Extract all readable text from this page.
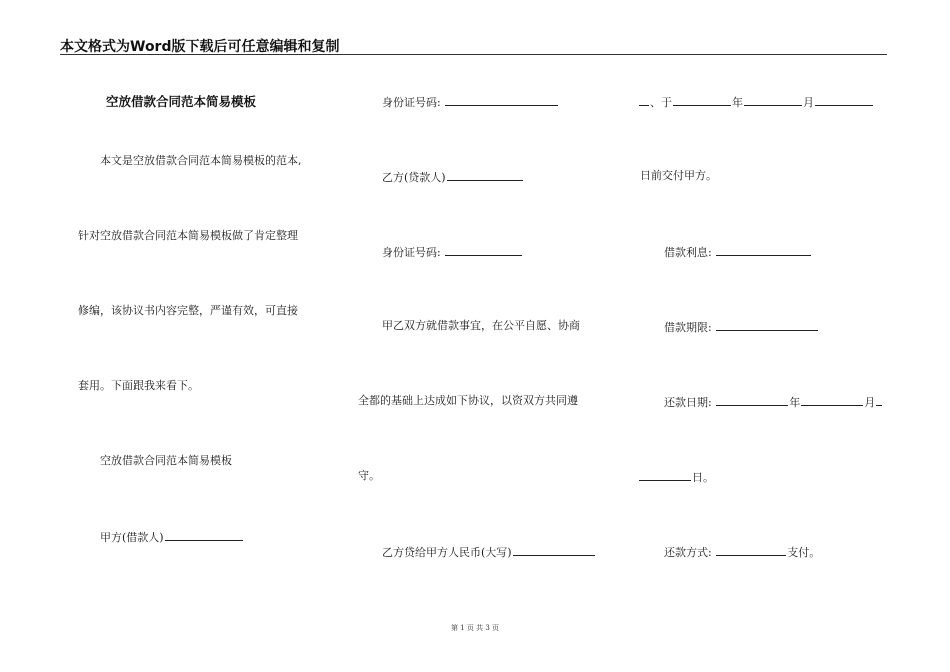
本文格式为Word版下载后可任意编辑和复制
空放借款合同范本简易模板
本文是空放借款合同范本简易模板的范本,
针对空放借款合同范本简易模板做了肯定整理
修编，该协议书内容完整，严谨有效，可直接
套用。下面跟我来看下。
空放借款合同范本简易模板
甲方(借款人)
身份证号码:
乙方(贷款人)
身份证号码:
甲乙双方就借款事宜，在公平自愿、协商
全都的基础上达成如下协议，以资双方共同遵
守。
乙方贷给甲方人民币(大写)
、于	年	月
日前交付甲方。
借款利息:
借款期限:
还款日期:	年	月
日。
还款方式:	支付。
第 1 页 共 3 页
